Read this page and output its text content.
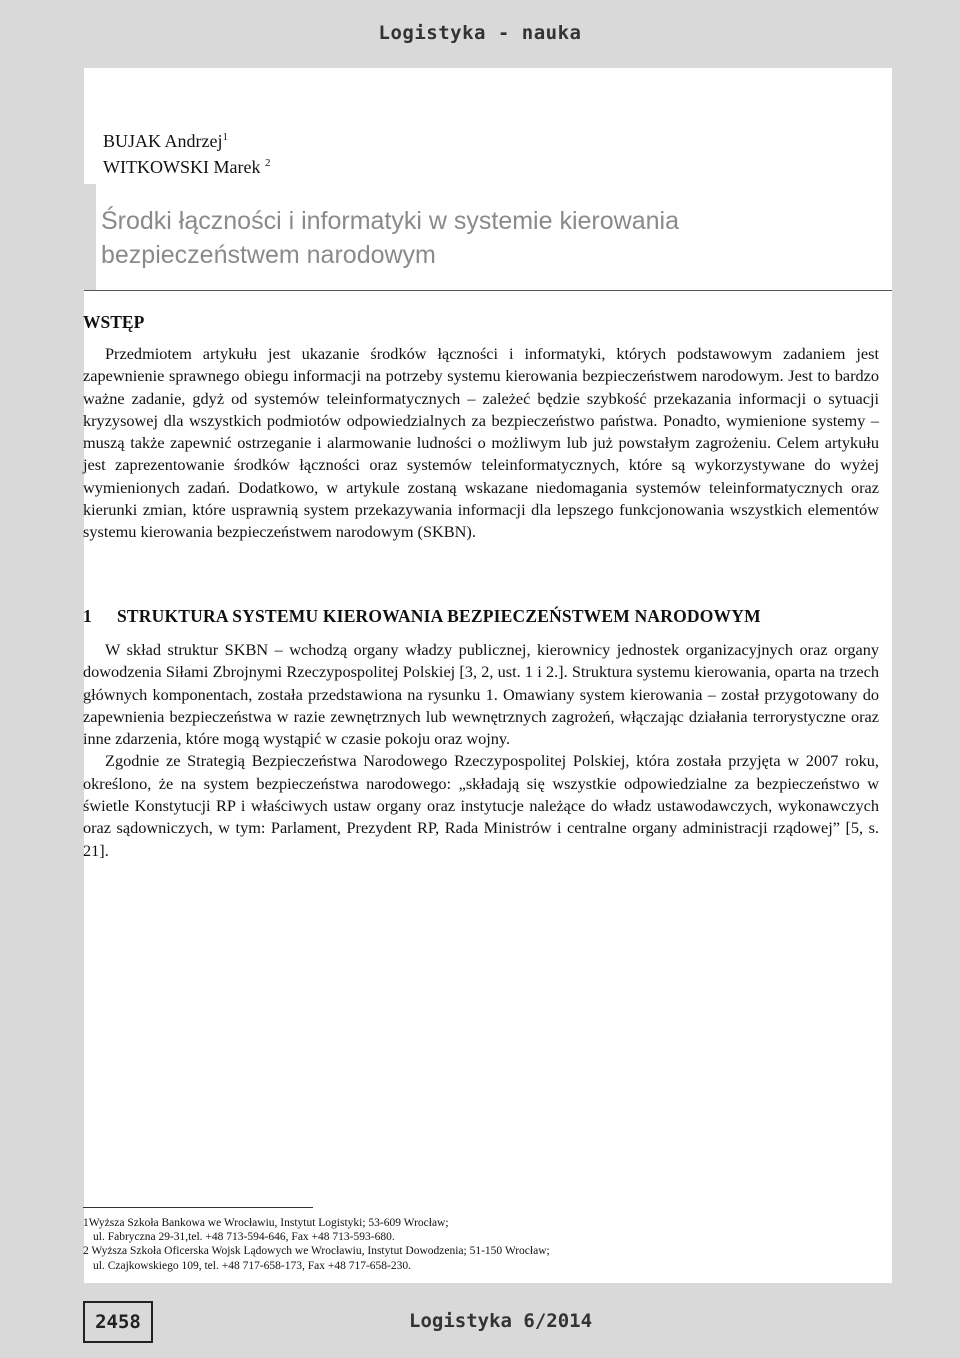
Logistyka - nauka
BUJAK Andrzej$^1$
WITKOWSKI Marek $^2$
Środki łączności i informatyki w systemie kierowania bezpieczeństwem narodowym
WSTĘP

Przedmiotem artykułu jest ukazanie środków łączności i informatyki, których podstawowym zadaniem jest zapewnienie sprawnego obiegu informacji na potrzeby systemu kierowania bezpieczeństwem narodowym. Jest to bardzo ważne zadanie, gdyż od systemów teleinformatycznych – zależeć będzie szybkość przekazania informacji o sytuacji kryzysowej dla wszystkich podmiotów odpowiedzialnych za bezpieczeństwo państwa. Ponadto, wymienione systemy – muszą także zapewnić ostrzeganie i alarmowanie ludności o możliwym lub już powstałym zagrożeniu. Celem artykułu jest zaprezentowanie środków łączności oraz systemów teleinformatycznych, które są wykorzystywane do wyżej wymienionych zadań. Dodatkowo, w artykule zostaną wskazane niedomagania systemów teleinformatycznych oraz kierunki zmian, które usprawnią system przekazywania informacji dla lepszego funkcjonowania wszystkich elementów systemu kierowania bezpieczeństwem narodowym (SKBN).

1 STRUKTURA SYSTEMU KIEROWANIA BEZPIECZEŃSTWEM NARODOWYM

W skład struktur SKBN – wchodzą organy władzy publicznej, kierownicy jednostek organizacyjnych oraz organy dowodzenia Siłami Zbrojnymi Rzeczypospolitej Polskiej [3, 2, ust. 1 i 2.]. Struktura systemu kierowania, oparta na trzech głównych komponentach, została przedstawiona na rysunku 1. Omawiany system kierowania – został przygotowany do zapewnienia bezpieczeństwa w razie zewnętrznych lub wewnętrznych zagrożeń, włączając działania terrorystyczne oraz inne zdarzenia, które mogą wystąpić w czasie pokoju oraz wojny.

Zgodnie ze Strategią Bezpieczeństwa Narodowego Rzeczypospolitej Polskiej, która została przyjęta w 2007 roku, określono, że na system bezpieczeństwa narodowego: „składają się wszystkie odpowiedzialne za bezpieczeństwo w świetle Konstytucji RP i właściwych ustaw organy oraz instytucje należące do władz ustawodawczych, wykonawczych oraz sądowniczych, w tym: Parlament, Prezydent RP, Rada Ministrów i centralne organy administracji rządowej” [5, s. 21].

1Wyższa Szkoła Bankowa we Wrocławiu, Instytut Logistyki; 53-609 Wrocław;
ul. Fabryczna 29-31,tel. +48 713-594-646, Fax +48 713-593-680.
2 Wyższa Szkoła Oficerska Wojsk Lądowych we Wrocławiu, Instytut Dowodzenia; 51-150 Wrocław;
ul. Czajkowskiego 109, tel. +48 717-658-173, Fax +48 717-658-230.
2458	Logistyka 6/2014
